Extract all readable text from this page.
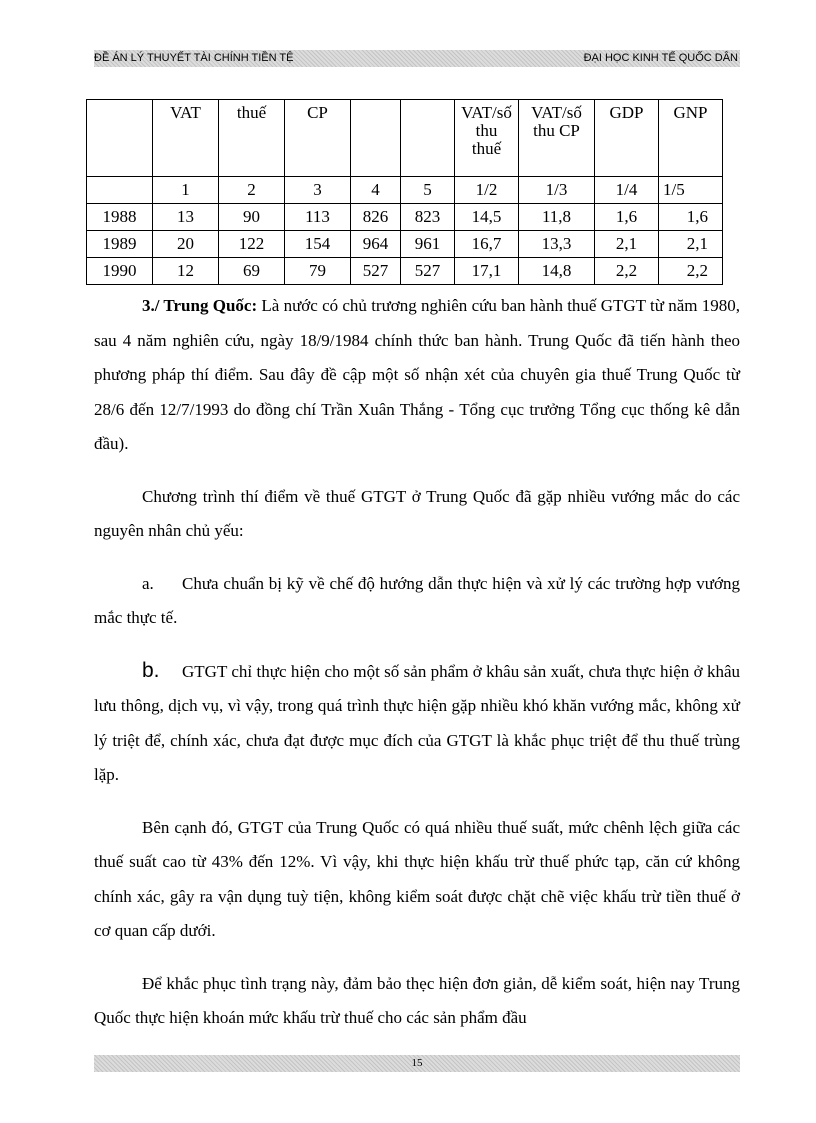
ĐỀ ÁN LÝ THUYẾT TÀI CHÍNH TIỀN TỆ	ĐẠI HỌC KINH TẾ QUỐC DÂN
	VAT	thuế	CP			VAT/số thu thuế	VAT/số thu CP	GDP	GNP
	1	2	3	4	5	1/2	1/3	1/4	1/5
1988	13	90	113	826	823	14,5	11,8	1,6	1,6
1989	20	122	154	964	961	16,7	13,3	2,1	2,1
1990	12	69	79	527	527	17,1	14,8	2,2	2,2

3./ Trung Quốc: Là nước có chủ trương nghiên cứu ban hành thuế GTGT từ năm 1980, sau 4 năm nghiên cứu, ngày 18/9/1984 chính thức ban hành. Trung Quốc đã tiến hành theo phương pháp thí điểm. Sau đây đề cập một số nhận xét của chuyên gia thuế Trung Quốc từ 28/6 đến 12/7/1993 do đồng chí Trần Xuân Thắng - Tổng cục trưởng Tổng cục thống kê dẫn đầu).

Chương trình thí điểm về thuế GTGT ở Trung Quốc đã gặp nhiều vướng mắc do các nguyên nhân chủ yếu:

a. Chưa chuẩn bị kỹ về chế độ hướng dẫn thực hiện và xử lý các trường hợp vướng mắc thực tế.

b. GTGT chỉ thực hiện cho một số sản phẩm ở khâu sản xuất, chưa thực hiện ở khâu lưu thông, dịch vụ, vì vậy, trong quá trình thực hiện gặp nhiều khó khăn vướng mắc, không xử lý triệt để, chính xác, chưa đạt được mục đích của GTGT là khắc phục triệt để thu thuế trùng lặp.

Bên cạnh đó, GTGT của Trung Quốc có quá nhiều thuế suất, mức chênh lệch giữa các thuế suất cao từ 43% đến 12%. Vì vậy, khi thực hiện khấu trừ thuế phức tạp, căn cứ không chính xác, gây ra vận dụng tuỳ tiện, không kiểm soát được chặt chẽ việc khấu trừ tiền thuế ở cơ quan cấp dưới.

Để khắc phục tình trạng này, đảm bảo thẹc hiện đơn giản, dễ kiểm soát, hiện nay Trung Quốc thực hiện khoán mức khấu trừ thuế cho các sản phẩm đầu

15
